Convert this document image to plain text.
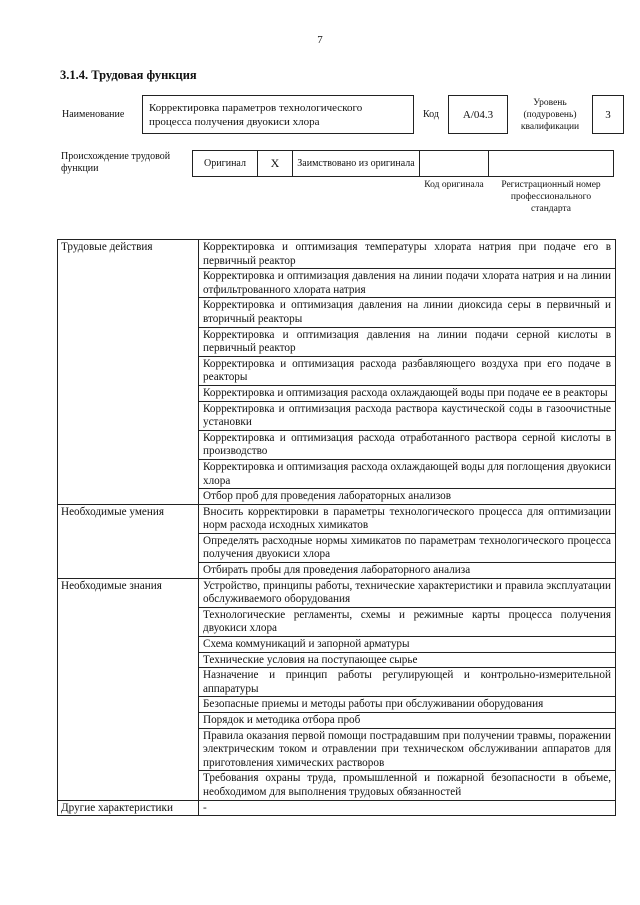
7
3.1.4. Трудовая функция
Наименование	Корректировка параметров технологического процесса получения двуокиси хлора	Код	А/04.3	Уровень (подуровень) квалификации	3
Происхождение трудовой функции	Оригинал	Х	Заимствовано из оригинала		
				Код оригинала	Регистрационный номер профессионального стандарта
Трудовые действия	Корректировка и оптимизация температуры хлората натрия при подаче его в первичный реактор
	Корректировка и оптимизация давления на линии подачи хлората натрия и на линии отфильтрованного хлората натрия
	Корректировка и оптимизация давления на линии диоксида серы в первичный и вторичный реакторы
	Корректировка и оптимизация давления на линии подачи серной кислоты в первичный реактор
	Корректировка и оптимизация расхода разбавляющего воздуха при его подаче в реакторы
	Корректировка и оптимизация расхода охлаждающей воды при подаче ее в реакторы
	Корректировка и оптимизация расхода раствора каустической соды в газоочистные установки
	Корректировка и оптимизация расхода отработанного раствора серной кислоты в производство
	Корректировка и оптимизация расхода охлаждающей воды для поглощения двуокиси хлора
	Отбор проб для проведения лабораторных анализов
Необходимые умения	Вносить корректировки в параметры технологического процесса для оптимизации норм расхода исходных химикатов
	Определять расходные нормы химикатов по параметрам технологического процесса получения двуокиси хлора
	Отбирать пробы для проведения лабораторного анализа
Необходимые знания	Устройство, принципы работы, технические характеристики и правила эксплуатации обслуживаемого оборудования
	Технологические регламенты, схемы и режимные карты процесса получения двуокиси хлора
	Схема коммуникаций и запорной арматуры
	Технические условия на поступающее сырье
	Назначение и принцип работы регулирующей и контрольно-измерительной аппаратуры
	Безопасные приемы и методы работы при обслуживании оборудования
	Порядок и методика отбора проб
	Правила оказания первой помощи пострадавшим при получении травмы, поражении электрическим током и отравлении при техническом обслуживании аппаратов для приготовления химических растворов
	Требования охраны труда, промышленной и пожарной безопасности в объеме, необходимом для выполнения трудовых обязанностей
Другие характеристики	-
